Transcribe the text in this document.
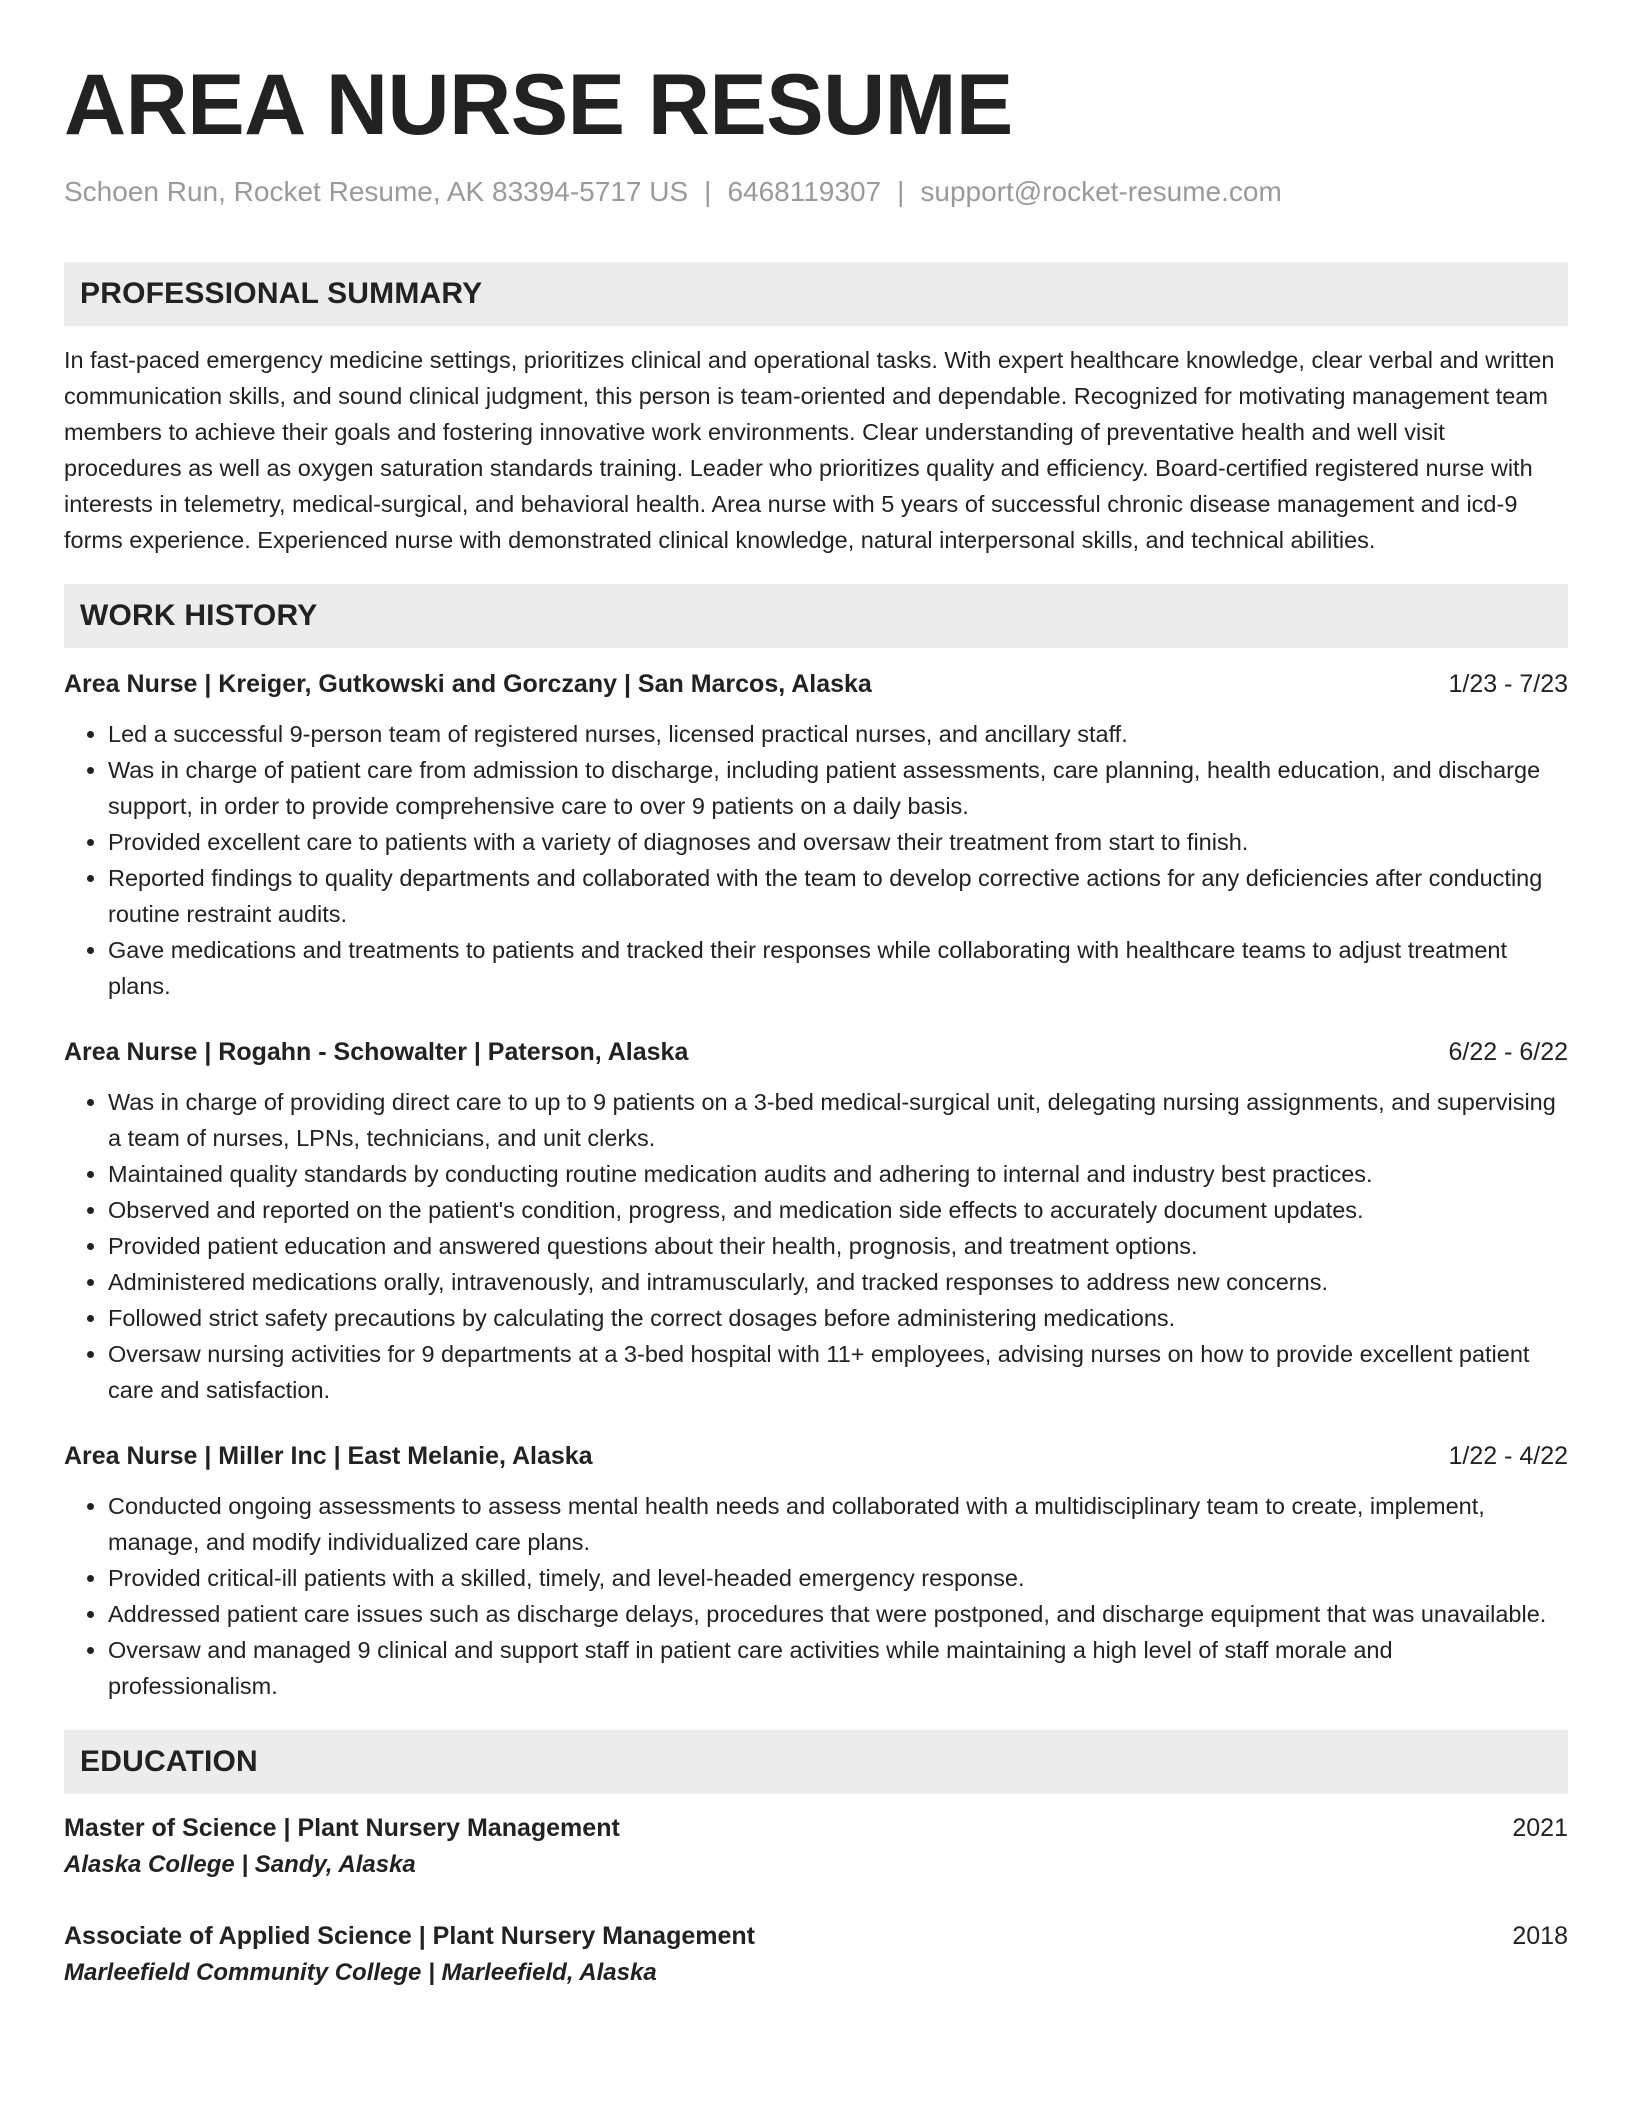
AREA NURSE RESUME
Schoen Run, Rocket Resume, AK 83394-5717 US | 6468119307 | support@rocket-resume.com
PROFESSIONAL SUMMARY
In fast-paced emergency medicine settings, prioritizes clinical and operational tasks. With expert healthcare knowledge, clear verbal and written communication skills, and sound clinical judgment, this person is team-oriented and dependable. Recognized for motivating management team members to achieve their goals and fostering innovative work environments. Clear understanding of preventative health and well visit procedures as well as oxygen saturation standards training. Leader who prioritizes quality and efficiency. Board-certified registered nurse with interests in telemetry, medical-surgical, and behavioral health. Area nurse with 5 years of successful chronic disease management and icd-9 forms experience. Experienced nurse with demonstrated clinical knowledge, natural interpersonal skills, and technical abilities.
WORK HISTORY
Area Nurse | Kreiger, Gutkowski and Gorczany | San Marcos, Alaska	1/23 - 7/23
• Led a successful 9-person team of registered nurses, licensed practical nurses, and ancillary staff.
• Was in charge of patient care from admission to discharge, including patient assessments, care planning, health education, and discharge support, in order to provide comprehensive care to over 9 patients on a daily basis.
• Provided excellent care to patients with a variety of diagnoses and oversaw their treatment from start to finish.
• Reported findings to quality departments and collaborated with the team to develop corrective actions for any deficiencies after conducting routine restraint audits.
• Gave medications and treatments to patients and tracked their responses while collaborating with healthcare teams to adjust treatment plans.
Area Nurse | Rogahn - Schowalter | Paterson, Alaska	6/22 - 6/22
• Was in charge of providing direct care to up to 9 patients on a 3-bed medical-surgical unit, delegating nursing assignments, and supervising a team of nurses, LPNs, technicians, and unit clerks.
• Maintained quality standards by conducting routine medication audits and adhering to internal and industry best practices.
• Observed and reported on the patient's condition, progress, and medication side effects to accurately document updates.
• Provided patient education and answered questions about their health, prognosis, and treatment options.
• Administered medications orally, intravenously, and intramuscularly, and tracked responses to address new concerns.
• Followed strict safety precautions by calculating the correct dosages before administering medications.
• Oversaw nursing activities for 9 departments at a 3-bed hospital with 11+ employees, advising nurses on how to provide excellent patient care and satisfaction.
Area Nurse | Miller Inc | East Melanie, Alaska	1/22 - 4/22
• Conducted ongoing assessments to assess mental health needs and collaborated with a multidisciplinary team to create, implement, manage, and modify individualized care plans.
• Provided critical-ill patients with a skilled, timely, and level-headed emergency response.
• Addressed patient care issues such as discharge delays, procedures that were postponed, and discharge equipment that was unavailable.
• Oversaw and managed 9 clinical and support staff in patient care activities while maintaining a high level of staff morale and professionalism.
EDUCATION
Master of Science | Plant Nursery Management	2021
Alaska College | Sandy, Alaska
Associate of Applied Science | Plant Nursery Management	2018
Marleefield Community College | Marleefield, Alaska
